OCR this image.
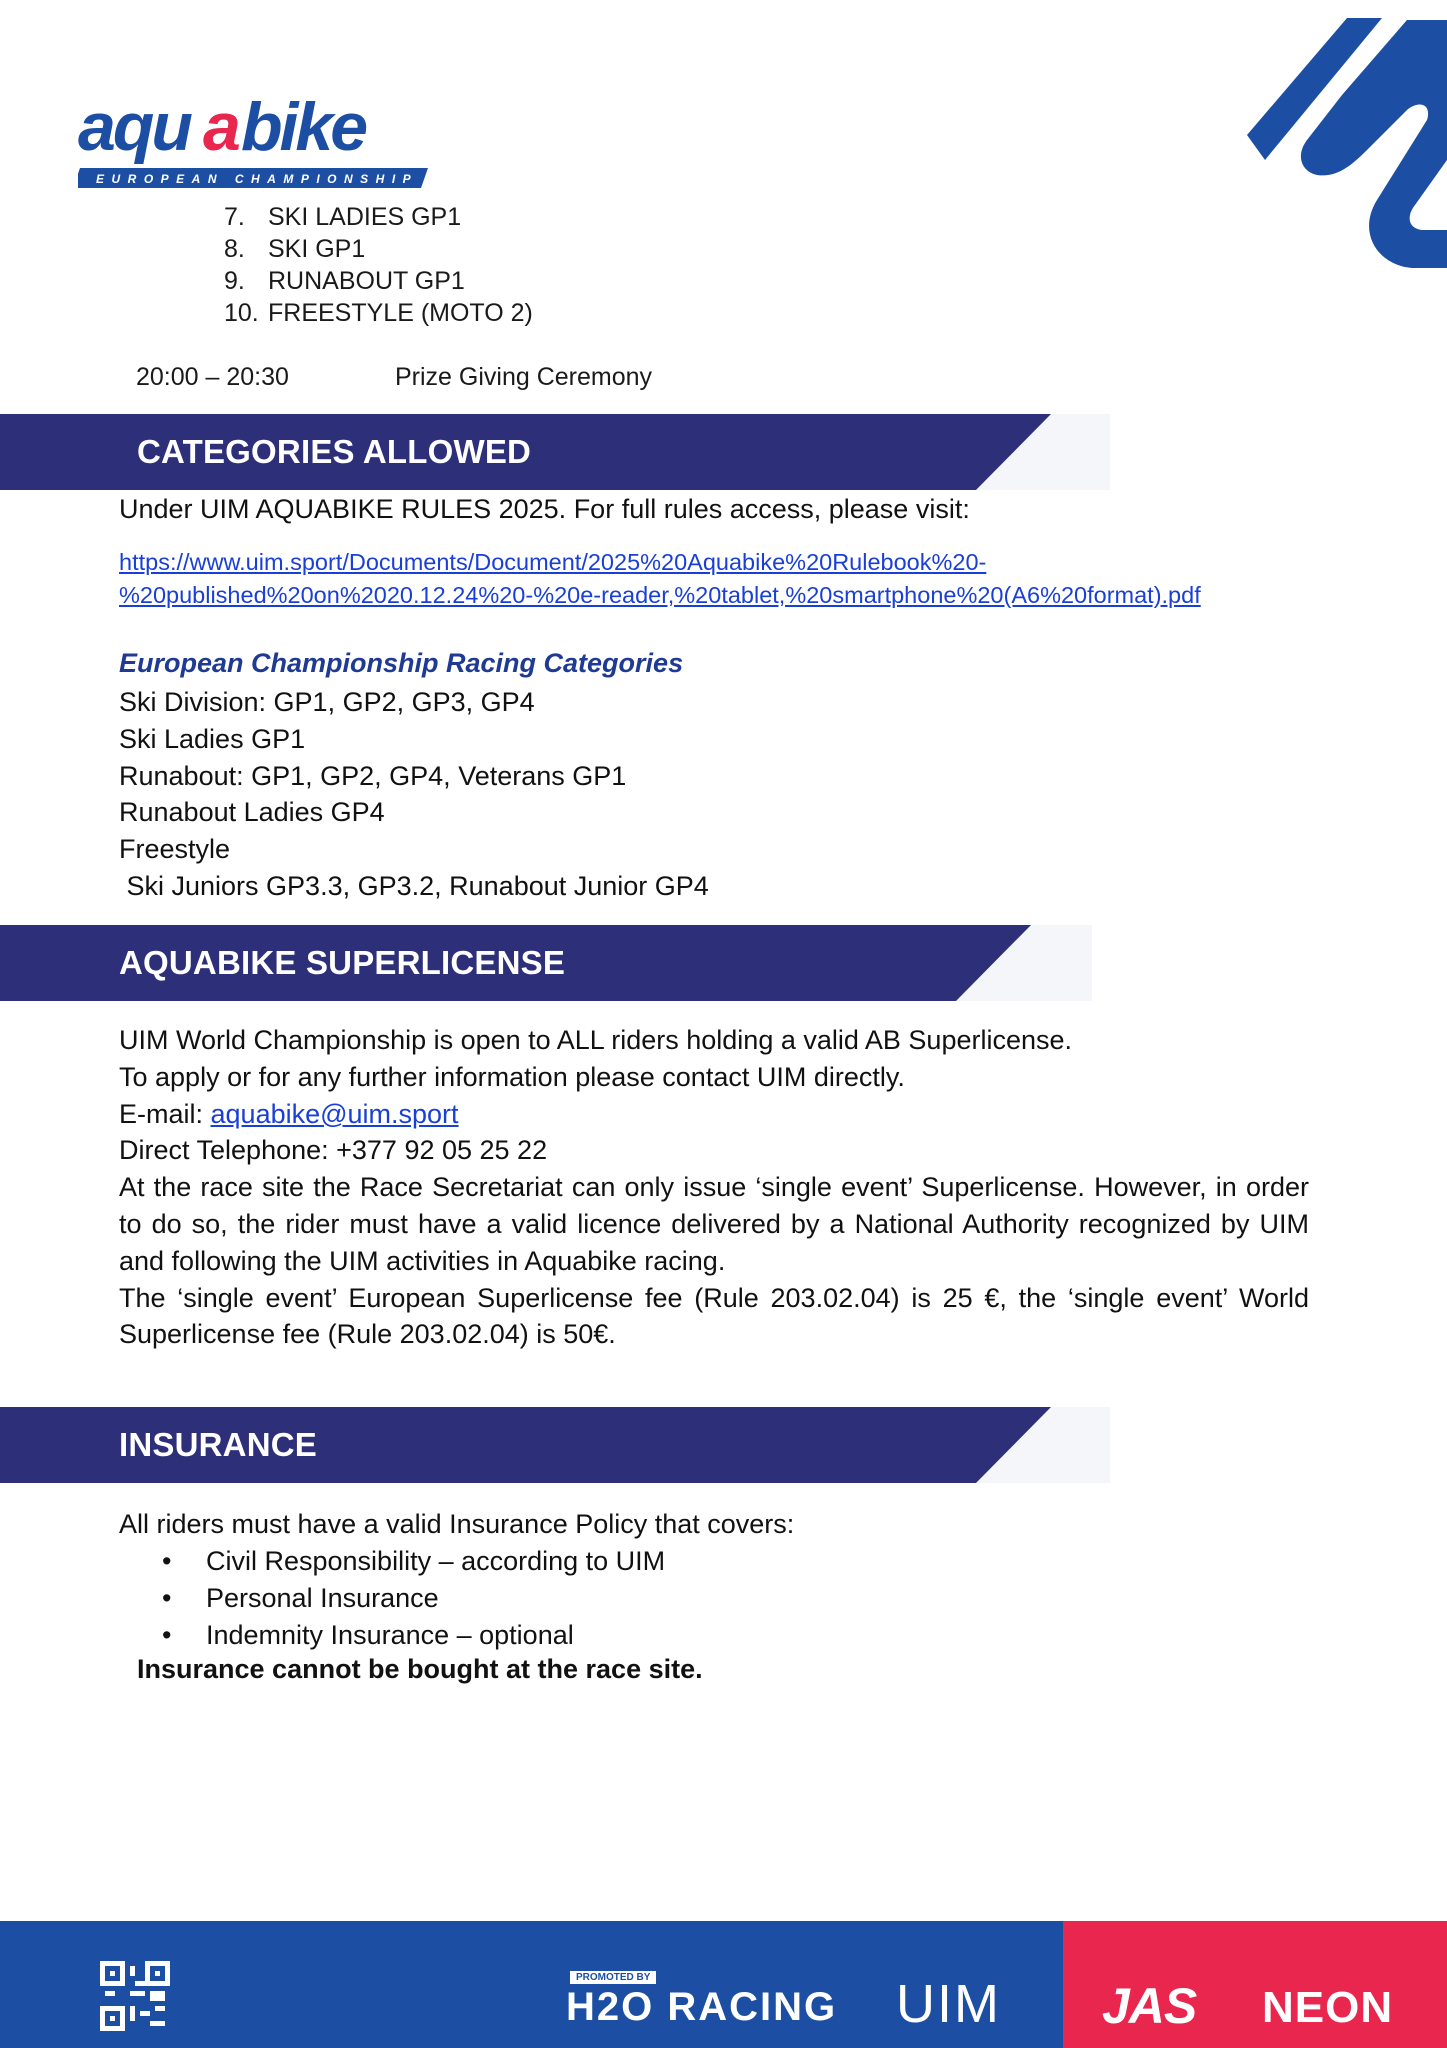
aqu a bike
EUROPEAN CHAMPIONSHIP
7. SKI LADIES GP1
8. SKI GP1
9. RUNABOUT GP1
10. FREESTYLE (MOTO 2)
20:00 – 20:30	Prize Giving Ceremony
CATEGORIES ALLOWED
Under UIM AQUABIKE RULES 2025. For full rules access, please visit:
https://www.uim.sport/Documents/Document/2025%20Aquabike%20Rulebook%20-
%20published%20on%2020.12.24%20-%20e-reader,%20tablet,%20smartphone%20(A6%20format).pdf
European Championship Racing Categories
Ski Division: GP1, GP2, GP3, GP4
Ski Ladies GP1
Runabout: GP1, GP2, GP4, Veterans GP1
Runabout Ladies GP4
Freestyle
Ski Juniors GP3.3, GP3.2, Runabout Junior GP4
AQUABIKE SUPERLICENSE
UIM World Championship is open to ALL riders holding a valid AB Superlicense.
To apply or for any further information please contact UIM directly.
E-mail: aquabike@uim.sport
Direct Telephone: +377 92 05 25 22
At the race site the Race Secretariat can only issue ‘single event’ Superlicense. However, in order to do so, the rider must have a valid licence delivered by a National Authority recognized by UIM and following the UIM activities in Aquabike racing.
The ‘single event’ European Superlicense fee (Rule 203.02.04) is 25 €, the ‘single event’ World Superlicense fee (Rule 203.02.04) is 50€.
INSURANCE
All riders must have a valid Insurance Policy that covers:
• Civil Responsibility – according to UIM
• Personal Insurance
• Indemnity Insurance – optional
Insurance cannot be bought at the race site.
PROMOTED BY
H2O RACING UIM JAS NEON
